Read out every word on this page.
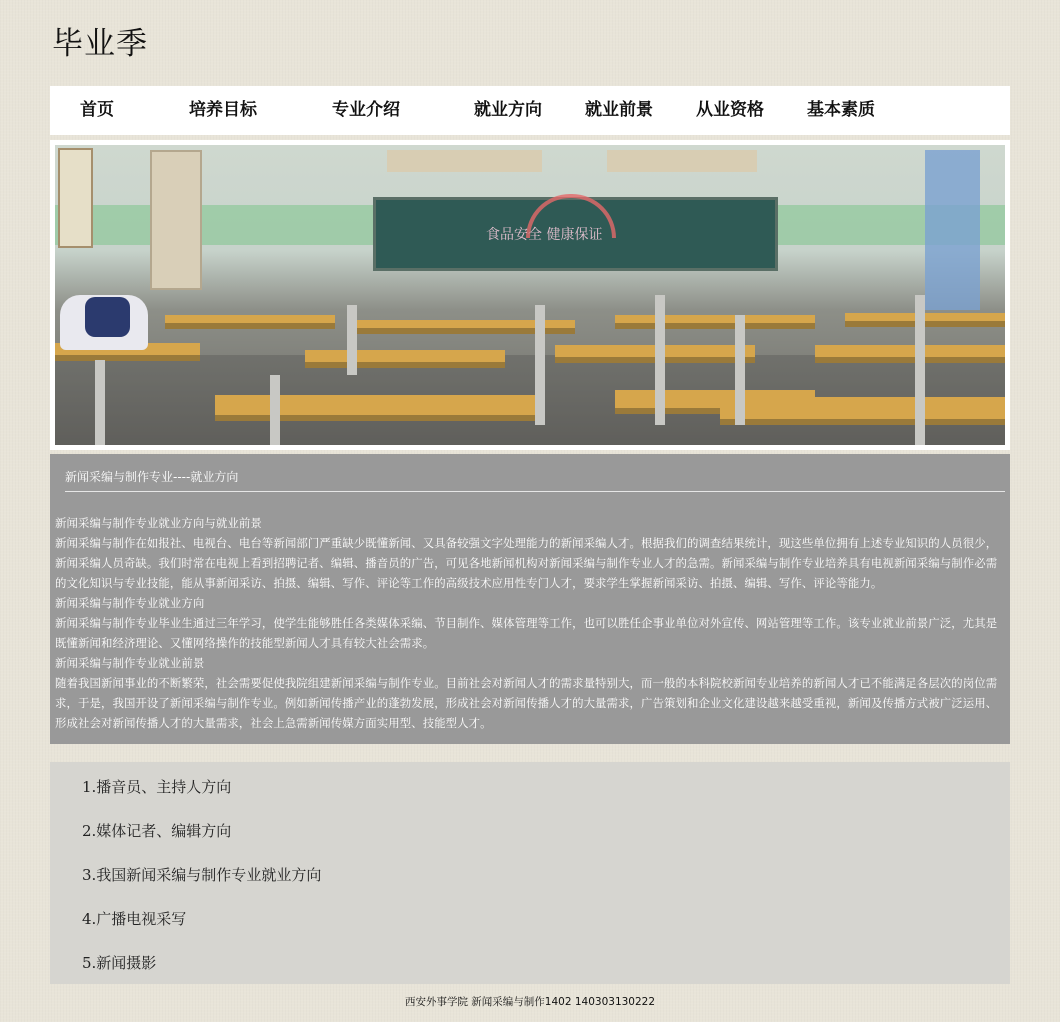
毕业季
首页	培养目标	专业介绍	就业方向	就业前景	从业资格	基本素质
食品安全 健康保证
新闻采编与制作专业----就业方向
新闻采编与制作专业就业方向与就业前景
新闻采编与制作在如报社、电视台、电台等新闻部门严重缺少既懂新闻、又具备较强文字处理能力的新闻采编人才。根据我们的调查结果统计，现这些单位拥有上述专业知识的人员很少，新闻采编人员奇缺。我们时常在电视上看到招聘记者、编辑、播音员的广告，可见各地新闻机构对新闻采编与制作专业人才的急需。新闻采编与制作专业培养具有电视新闻采编与制作必需的文化知识与专业技能，能从事新闻采访、拍摄、编辑、写作、评论等工作的高级技术应用性专门人才，要求学生掌握新闻采访、拍摄、编辑、写作、评论等能力。
新闻采编与制作专业就业方向
新闻采编与制作专业毕业生通过三年学习，使学生能够胜任各类媒体采编、节目制作、媒体管理等工作，也可以胜任企事业单位对外宣传、网站管理等工作。该专业就业前景广泛，尤其是既懂新闻和经济理论、又懂网络操作的技能型新闻人才具有较大社会需求。
新闻采编与制作专业就业前景
随着我国新闻事业的不断繁荣，社会需要促使我院组建新闻采编与制作专业。目前社会对新闻人才的需求量特别大，而一般的本科院校新闻专业培养的新闻人才已不能满足各层次的岗位需求，于是，我国开设了新闻采编与制作专业。例如新闻传播产业的蓬勃发展，形成社会对新闻传播人才的大量需求，广告策划和企业文化建设越来越受重视，新闻及传播方式被广泛运用、形成社会对新闻传播人才的大量需求，社会上急需新闻传媒方面实用型、技能型人才。
1.播音员、主持人方向
2.媒体记者、编辑方向
3.我国新闻采编与制作专业就业方向
4.广播电视采写
5.新闻摄影
西安外事学院 新闻采编与制作1402 140303130222
